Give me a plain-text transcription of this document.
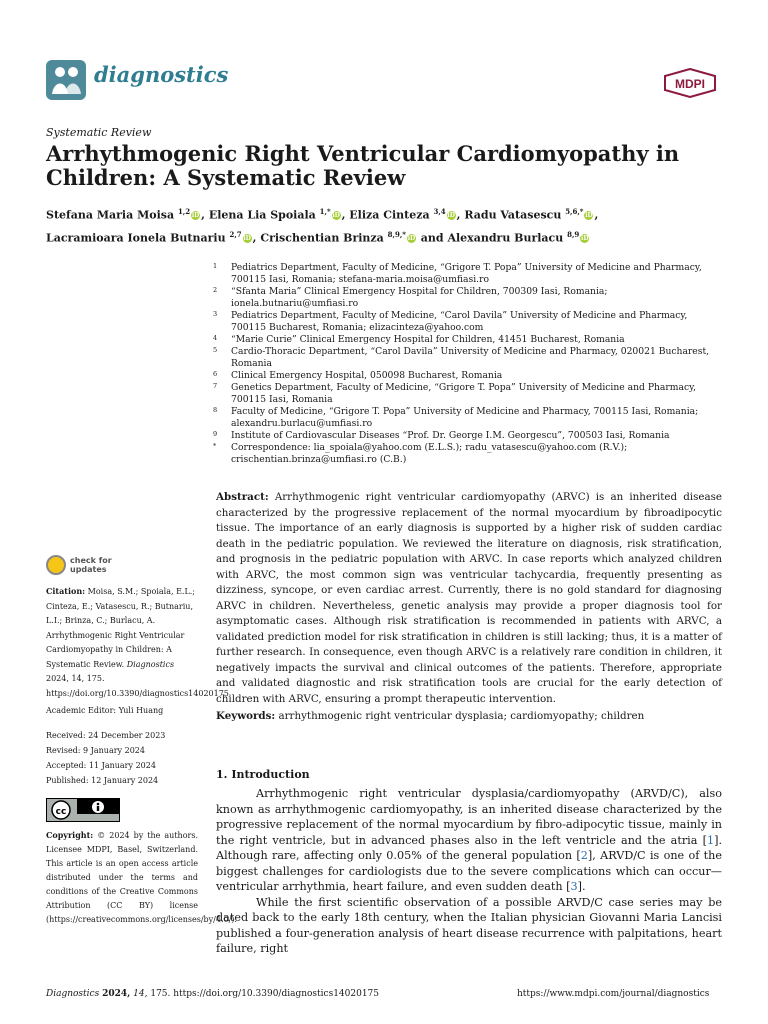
diagnostics	MDPI
Systematic Review
Arrhythmogenic Right Ventricular Cardiomyopathy in Children: A Systematic Review
Stefana Maria Moisa $^{1,2}$ iD , Elena Lia Spoiala $^{1,*}$ iD , Eliza Cinteza $^{3,4}$ iD , Radu Vatasescu $^{5,6,*}$ iD ,
Lacramioara Ionela Butnariu $^{2,7}$ iD , Crischentian Brinza $^{8,9,*}$ iD and Alexandru Burlacu $^{8,9}$ iD
1 Pediatrics Department, Faculty of Medicine, “Grigore T. Popa” University of Medicine and Pharmacy, 700115 Iasi, Romania; stefana-maria.moisa@umfiasi.ro
2 “Sfanta Maria” Clinical Emergency Hospital for Children, 700309 Iasi, Romania; ionela.butnariu@umfiasi.ro
3 Pediatrics Department, Faculty of Medicine, “Carol Davila” University of Medicine and Pharmacy, 700115 Bucharest, Romania; elizacinteza@yahoo.com
4 “Marie Curie” Clinical Emergency Hospital for Children, 41451 Bucharest, Romania
5 Cardio-Thoracic Department, “Carol Davila” University of Medicine and Pharmacy, 020021 Bucharest, Romania
6 Clinical Emergency Hospital, 050098 Bucharest, Romania
7 Genetics Department, Faculty of Medicine, “Grigore T. Popa” University of Medicine and Pharmacy, 700115 Iasi, Romania
8 Faculty of Medicine, “Grigore T. Popa” University of Medicine and Pharmacy, 700115 Iasi, Romania; alexandru.burlacu@umfiasi.ro
9 Institute of Cardiovascular Diseases “Prof. Dr. George I.M. Georgescu”, 700503 Iasi, Romania
* Correspondence: lia_spoiala@yahoo.com (E.L.S.); radu_vatasescu@yahoo.com (R.V.); crischentian.brinza@umfiasi.ro (C.B.)
check for
updates
Citation: Moisa, S.M.; Spoiala, E.L.; Cinteza, E.; Vatasescu, R.; Butnariu, L.I.; Brinza, C.; Burlacu, A. Arrhythmogenic Right Ventricular Cardiomyopathy in Children: A Systematic Review. Diagnostics 2024, 14, 175. https://doi.org/10.3390/diagnostics14020175
Academic Editor: Yuli Huang
Received: 24 December 2023
Revised: 9 January 2024
Accepted: 11 January 2024
Published: 12 January 2024
cc
Copyright: © 2024 by the authors. Licensee MDPI, Basel, Switzerland. This article is an open access article distributed under the terms and conditions of the Creative Commons Attribution (CC BY) license (https://creativecommons.org/licenses/by/4.0/).
Abstract: Arrhythmogenic right ventricular cardiomyopathy (ARVC) is an inherited disease characterized by the progressive replacement of the normal myocardium by fibroadipocytic tissue. The importance of an early diagnosis is supported by a higher risk of sudden cardiac death in the pediatric population. We reviewed the literature on diagnosis, risk stratification, and prognosis in the pediatric population with ARVC. In case reports which analyzed children with ARVC, the most common sign was ventricular tachycardia, frequently presenting as dizziness, syncope, or even cardiac arrest. Currently, there is no gold standard for diagnosing ARVC in children. Nevertheless, genetic analysis may provide a proper diagnosis tool for asymptomatic cases. Although risk stratification is recommended in patients with ARVC, a validated prediction model for risk stratification in children is still lacking; thus, it is a matter of further research. In consequence, even though ARVC is a relatively rare condition in children, it negatively impacts the survival and clinical outcomes of the patients. Therefore, appropriate and validated diagnostic and risk stratification tools are crucial for the early detection of children with ARVC, ensuring a prompt therapeutic intervention.
Keywords: arrhythmogenic right ventricular dysplasia; cardiomyopathy; children
1. Introduction

Arrhythmogenic right ventricular dysplasia/cardiomyopathy (ARVD/C), also known as arrhythmogenic cardiomyopathy, is an inherited disease characterized by the progressive replacement of the normal myocardium by fibro-adipocytic tissue, mainly in the right ventricle, but in advanced phases also in the left ventricle and the atria [1]. Although rare, affecting only 0.05% of the general population [2], ARVD/C is one of the biggest challenges for cardiologists due to the severe complications which can occur—ventricular arrhythmia, heart failure, and even sudden death [3].

While the first scientific observation of a possible ARVD/C case series may be dated back to the early 18th century, when the Italian physician Giovanni Maria Lancisi published a four-generation analysis of heart disease recurrence with palpitations, heart failure, right

Diagnostics 2024, 14, 175. https://doi.org/10.3390/diagnostics14020175	https://www.mdpi.com/journal/diagnostics
